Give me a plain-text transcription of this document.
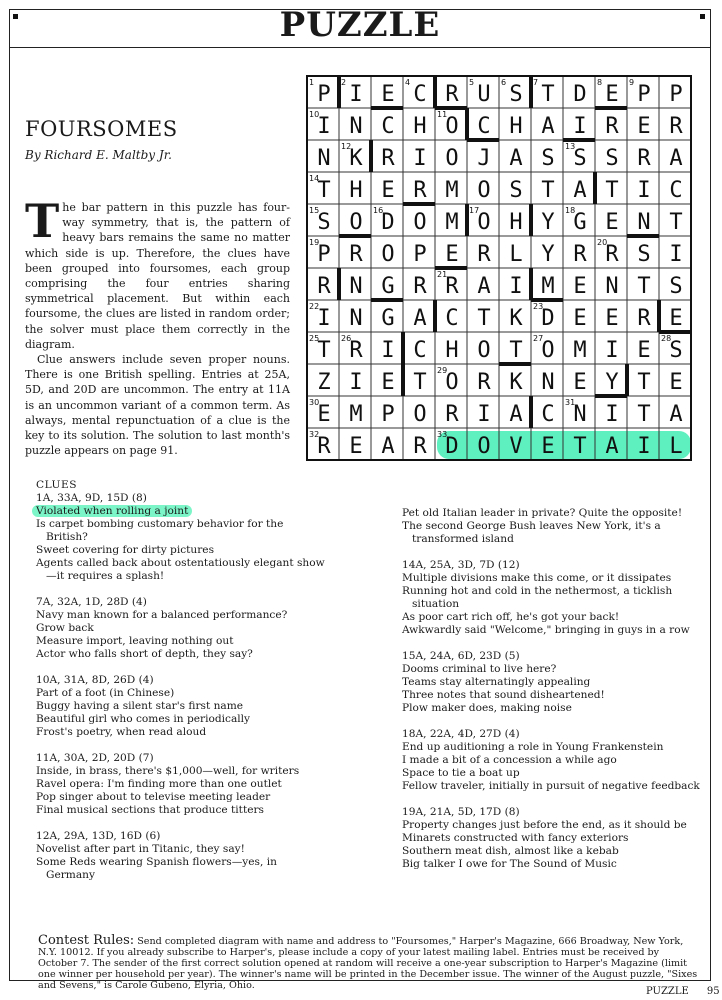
PUZZLE
FOURSOMES
By Richard E. Maltby Jr.

The bar pattern in this puzzle has four-way symmetry, that is, the pattern of heavy bars remains the same no matter which side is up. Therefore, the clues have been grouped into foursomes, each group comprising the four entries sharing symmetrical placement. But within each foursome, the clues are listed in random order; the solver must place them correctly in the diagram.

Clue answers include seven proper nouns. There is one British spelling. Entries at 25A, 5D, and 20D are uncommon. The entry at 11A is an uncommon variant of a common term. As always, mental repunctuation of a clue is the key to its solution. The solution to last month's puzzle appears on page 91.

P I E C R U S T D E P P
I N C H O C H A I R E R
N K R I O J A S S S R A
T H E R M O S T A T I C
S O D O M O H Y G E N T
P R O P E R L Y R R S I
R N G R R A I M E N T S
I N G A C T K D E E R E
T R I C H O T O M I E S
Z I E T O R K N E Y T E
E M P O R I A C N I T A
R E A R D O V E T A I L
1	2	4	5	6	7	8	9
10	11
12	13
14
15	16	17	18
19	20
21
22	23
25	26	27	28
29
30	31
32	33
CLUES
1A, 33A, 9D, 15D (8)
Violated when rolling a joint
Is carpet bombing customary behavior for the British?
Sweet covering for dirty pictures
Agents called back about ostentatiously elegant show—it requires a splash!
7A, 32A, 1D, 28D (4)
Navy man known for a balanced performance?
Grow back
Measure import, leaving nothing out
Actor who falls short of depth, they say?
10A, 31A, 8D, 26D (4)
Part of a foot (in Chinese)
Buggy having a silent star's first name
Beautiful girl who comes in periodically
Frost's poetry, when read aloud
11A, 30A, 2D, 20D (7)
Inside, in brass, there's $1,000—well, for writers
Ravel opera: I'm finding more than one outlet
Pop singer about to televise meeting leader
Final musical sections that produce titters
12A, 29A, 13D, 16D (6)
Novelist after part in Titanic, they say!
Some Reds wearing Spanish flowers—yes, in Germany
Pet old Italian leader in private? Quite the opposite!
The second George Bush leaves New York, it's a transformed island
14A, 25A, 3D, 7D (12)
Multiple divisions make this come, or it dissipates
Running hot and cold in the nethermost, a ticklish situation
As poor cart rich off, he's got your back!
Awkwardly said "Welcome," bringing in guys in a row
15A, 24A, 6D, 23D (5)
Dooms criminal to live here?
Teams stay alternatingly appealing
Three notes that sound disheartened!
Plow maker does, making noise
18A, 22A, 4D, 27D (4)
End up auditioning a role in Young Frankenstein
I made a bit of a concession a while ago
Space to tie a boat up
Fellow traveler, initially in pursuit of negative feedback
19A, 21A, 5D, 17D (8)
Property changes just before the end, as it should be
Minarets constructed with fancy exteriors
Southern meat dish, almost like a kebab
Big talker I owe for The Sound of Music
Contest Rules: Send completed diagram with name and address to "Foursomes," Harper's Magazine, 666 Broadway, New York, N.Y. 10012. If you already subscribe to Harper's, please include a copy of your latest mailing label. Entries must be received by October 7. The sender of the first correct solution opened at random will receive a one-year subscription to Harper's Magazine (limit one winner per household per year). The winner's name will be printed in the December issue. The winner of the August puzzle, "Sixes and Sevens," is Carole Gubeno, Elyria, Ohio.
PUZZLE 95
